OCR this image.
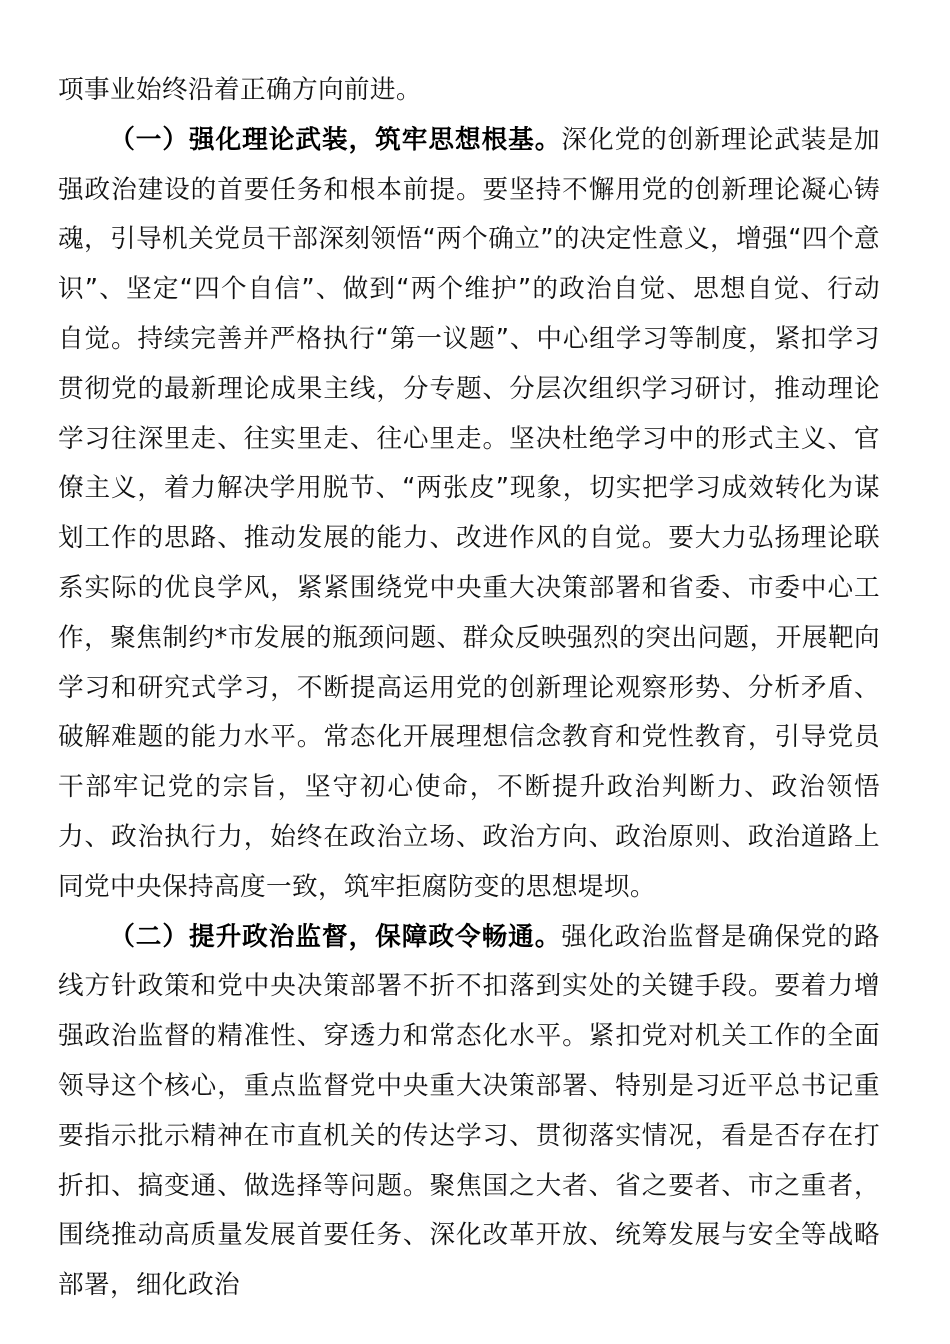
项事业始终沿着正确方向前进。

（一）强化理论武装，筑牢思想根基。深化党的创新理论武装是加强政治建设的首要任务和根本前提。要坚持不懈用党的创新理论凝心铸魂，引导机关党员干部深刻领悟“两个确立”的决定性意义，增强“四个意识”、坚定“四个自信”、做到“两个维护”的政治自觉、思想自觉、行动自觉。持续完善并严格执行“第一议题”、中心组学习等制度，紧扣学习贯彻党的最新理论成果主线，分专题、分层次组织学习研讨，推动理论学习往深里走、往实里走、往心里走。坚决杜绝学习中的形式主义、官僚主义，着力解决学用脱节、“两张皮”现象，切实把学习成效转化为谋划工作的思路、推动发展的能力、改进作风的自觉。要大力弘扬理论联系实际的优良学风，紧紧围绕党中央重大决策部署和省委、市委中心工作，聚焦制约*市发展的瓶颈问题、群众反映强烈的突出问题，开展靶向学习和研究式学习，不断提高运用党的创新理论观察形势、分析矛盾、破解难题的能力水平。常态化开展理想信念教育和党性教育，引导党员干部牢记党的宗旨，坚守初心使命，不断提升政治判断力、政治领悟力、政治执行力，始终在政治立场、政治方向、政治原则、政治道路上同党中央保持高度一致，筑牢拒腐防变的思想堤坝。

（二）提升政治监督，保障政令畅通。强化政治监督是确保党的路线方针政策和党中央决策部署不折不扣落到实处的关键手段。要着力增强政治监督的精准性、穿透力和常态化水平。紧扣党对机关工作的全面领导这个核心，重点监督党中央重大决策部署、特别是习近平总书记重要指示批示精神在市直机关的传达学习、贯彻落实情况，看是否存在打折扣、搞变通、做选择等问题。聚焦国之大者、省之要者、市之重者，围绕推动高质量发展首要任务、深化改革开放、统筹发展与安全等战略部署，细化政治
